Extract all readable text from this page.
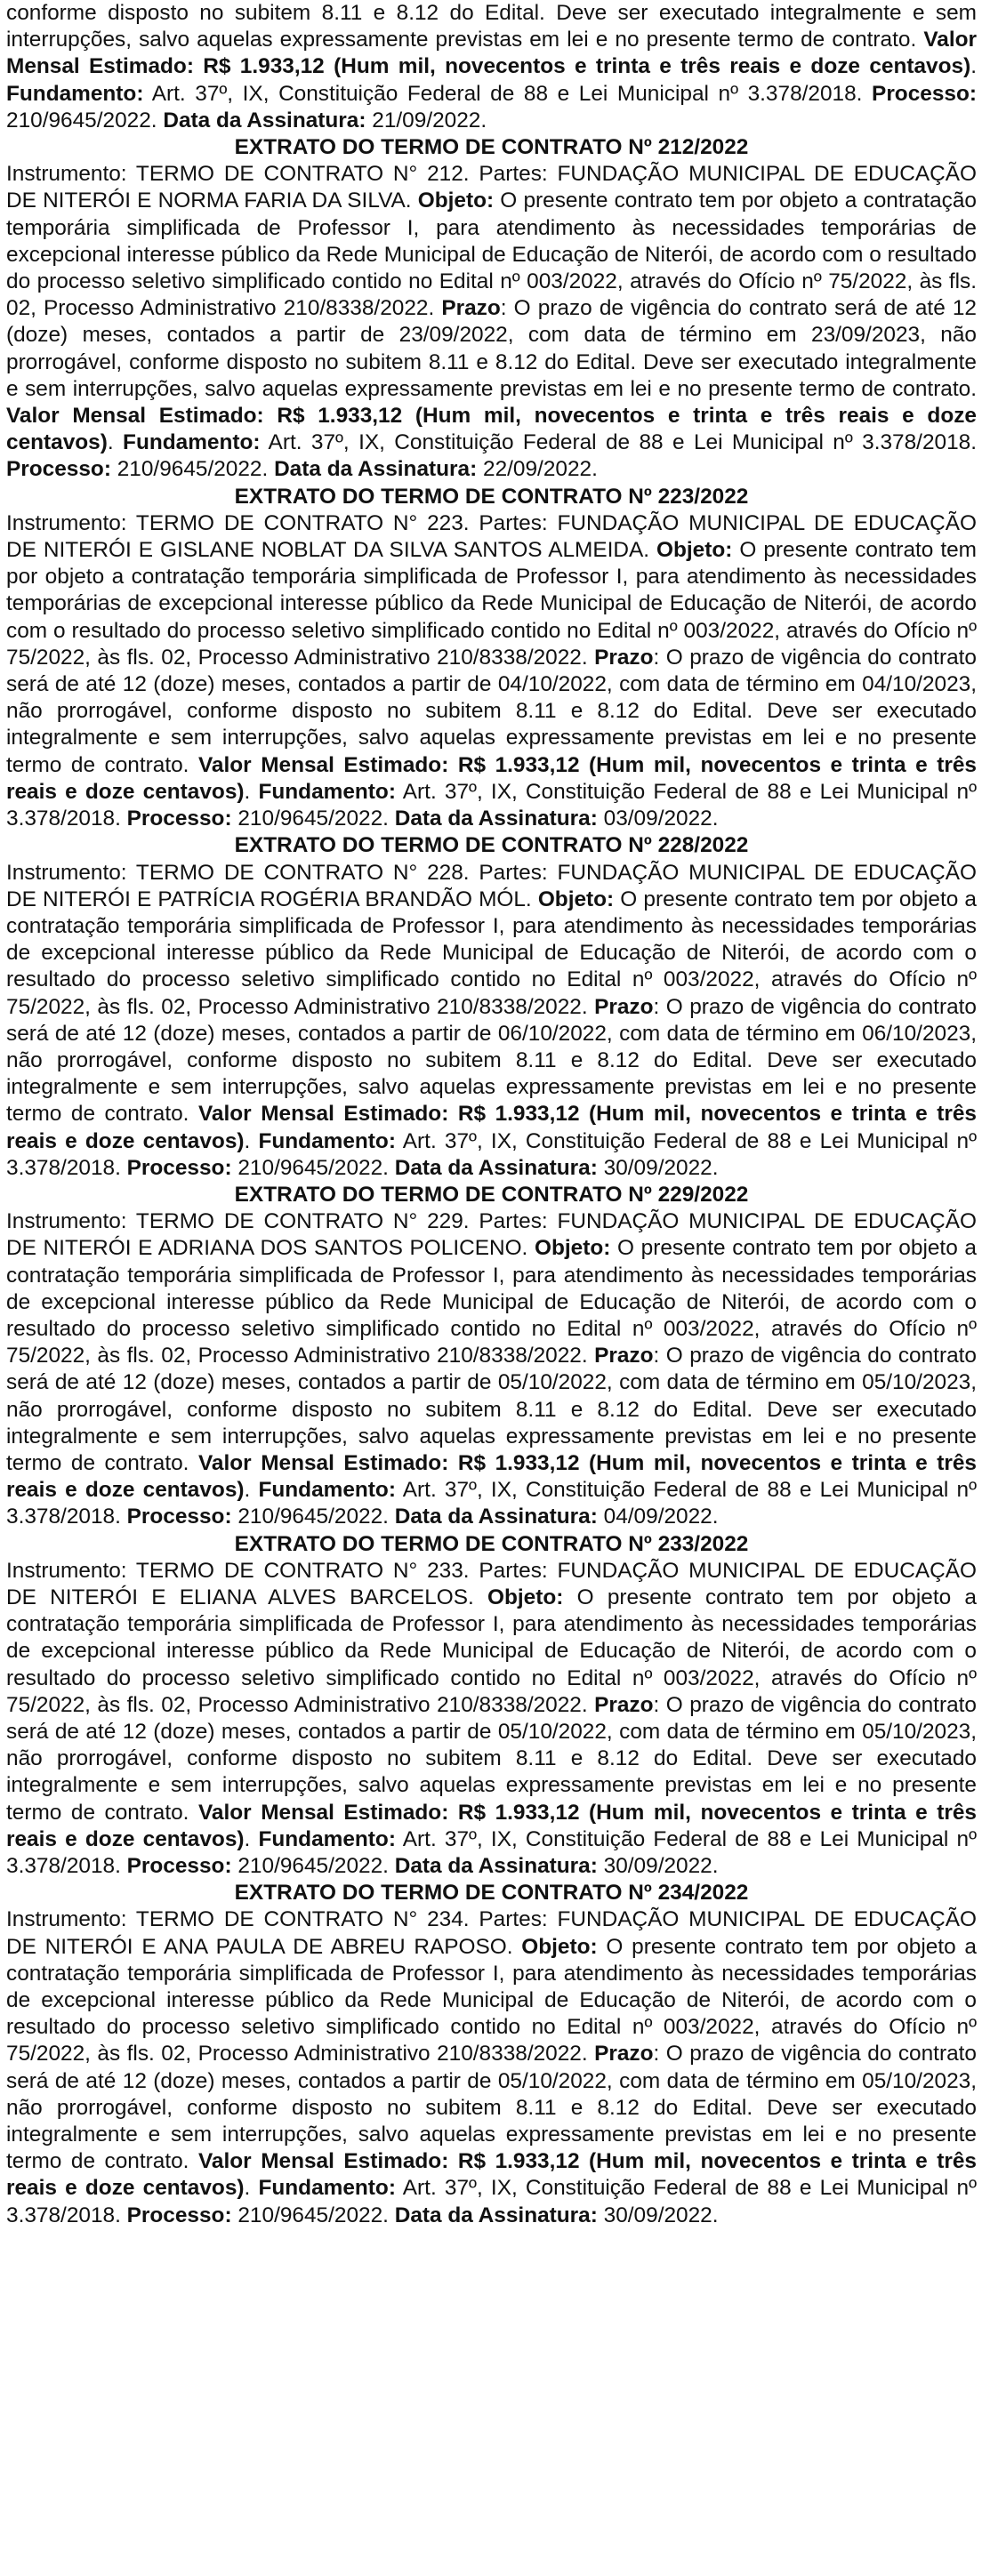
conforme disposto no subitem 8.11 e 8.12 do Edital. Deve ser executado integralmente e sem interrupções, salvo aquelas expressamente previstas em lei e no presente termo de contrato. Valor Mensal Estimado: R$ 1.933,12 (Hum mil, novecentos e trinta e três reais e doze centavos). Fundamento: Art. 37º, IX, Constituição Federal de 88 e Lei Municipal nº 3.378/2018. Processo: 210/9645/2022. Data da Assinatura: 21/09/2022.

EXTRATO DO TERMO DE CONTRATO Nº 212/2022

Instrumento: TERMO DE CONTRATO N° 212. Partes: FUNDAÇÃO MUNICIPAL DE EDUCAÇÃO DE NITERÓI E NORMA FARIA DA SILVA. Objeto: O presente contrato tem por objeto a contratação temporária simplificada de Professor I, para atendimento às necessidades temporárias de excepcional interesse público da Rede Municipal de Educação de Niterói, de acordo com o resultado do processo seletivo simplificado contido no Edital nº 003/2022, através do Ofício nº 75/2022, às fls. 02, Processo Administrativo 210/8338/2022. Prazo: O prazo de vigência do contrato será de até 12 (doze) meses, contados a partir de 23/09/2022, com data de término em 23/09/2023, não prorrogável, conforme disposto no subitem 8.11 e 8.12 do Edital. Deve ser executado integralmente e sem interrupções, salvo aquelas expressamente previstas em lei e no presente termo de contrato. Valor Mensal Estimado: R$ 1.933,12 (Hum mil, novecentos e trinta e três reais e doze centavos). Fundamento: Art. 37º, IX, Constituição Federal de 88 e Lei Municipal nº 3.378/2018. Processo: 210/9645/2022. Data da Assinatura: 22/09/2022.

EXTRATO DO TERMO DE CONTRATO Nº 223/2022

Instrumento: TERMO DE CONTRATO N° 223. Partes: FUNDAÇÃO MUNICIPAL DE EDUCAÇÃO DE NITERÓI E GISLANE NOBLAT DA SILVA SANTOS ALMEIDA. Objeto: O presente contrato tem por objeto a contratação temporária simplificada de Professor I, para atendimento às necessidades temporárias de excepcional interesse público da Rede Municipal de Educação de Niterói, de acordo com o resultado do processo seletivo simplificado contido no Edital nº 003/2022, através do Ofício nº 75/2022, às fls. 02, Processo Administrativo 210/8338/2022. Prazo: O prazo de vigência do contrato será de até 12 (doze) meses, contados a partir de 04/10/2022, com data de término em 04/10/2023, não prorrogável, conforme disposto no subitem 8.11 e 8.12 do Edital. Deve ser executado integralmente e sem interrupções, salvo aquelas expressamente previstas em lei e no presente termo de contrato. Valor Mensal Estimado: R$ 1.933,12 (Hum mil, novecentos e trinta e três reais e doze centavos). Fundamento: Art. 37º, IX, Constituição Federal de 88 e Lei Municipal nº 3.378/2018. Processo: 210/9645/2022. Data da Assinatura: 03/09/2022.

EXTRATO DO TERMO DE CONTRATO Nº 228/2022

Instrumento: TERMO DE CONTRATO N° 228. Partes: FUNDAÇÃO MUNICIPAL DE EDUCAÇÃO DE NITERÓI E PATRÍCIA ROGÉRIA BRANDÃO MÓL. Objeto: O presente contrato tem por objeto a contratação temporária simplificada de Professor I, para atendimento às necessidades temporárias de excepcional interesse público da Rede Municipal de Educação de Niterói, de acordo com o resultado do processo seletivo simplificado contido no Edital nº 003/2022, através do Ofício nº 75/2022, às fls. 02, Processo Administrativo 210/8338/2022. Prazo: O prazo de vigência do contrato será de até 12 (doze) meses, contados a partir de 06/10/2022, com data de término em 06/10/2023, não prorrogável, conforme disposto no subitem 8.11 e 8.12 do Edital. Deve ser executado integralmente e sem interrupções, salvo aquelas expressamente previstas em lei e no presente termo de contrato. Valor Mensal Estimado: R$ 1.933,12 (Hum mil, novecentos e trinta e três reais e doze centavos). Fundamento: Art. 37º, IX, Constituição Federal de 88 e Lei Municipal nº 3.378/2018. Processo: 210/9645/2022. Data da Assinatura: 30/09/2022.

EXTRATO DO TERMO DE CONTRATO Nº 229/2022

Instrumento: TERMO DE CONTRATO N° 229. Partes: FUNDAÇÃO MUNICIPAL DE EDUCAÇÃO DE NITERÓI E ADRIANA DOS SANTOS POLICENO. Objeto: O presente contrato tem por objeto a contratação temporária simplificada de Professor I, para atendimento às necessidades temporárias de excepcional interesse público da Rede Municipal de Educação de Niterói, de acordo com o resultado do processo seletivo simplificado contido no Edital nº 003/2022, através do Ofício nº 75/2022, às fls. 02, Processo Administrativo 210/8338/2022. Prazo: O prazo de vigência do contrato será de até 12 (doze) meses, contados a partir de 05/10/2022, com data de término em 05/10/2023, não prorrogável, conforme disposto no subitem 8.11 e 8.12 do Edital. Deve ser executado integralmente e sem interrupções, salvo aquelas expressamente previstas em lei e no presente termo de contrato. Valor Mensal Estimado: R$ 1.933,12 (Hum mil, novecentos e trinta e três reais e doze centavos). Fundamento: Art. 37º, IX, Constituição Federal de 88 e Lei Municipal nº 3.378/2018. Processo: 210/9645/2022. Data da Assinatura: 04/09/2022.

EXTRATO DO TERMO DE CONTRATO Nº 233/2022

Instrumento: TERMO DE CONTRATO N° 233. Partes: FUNDAÇÃO MUNICIPAL DE EDUCAÇÃO DE NITERÓI E ELIANA ALVES BARCELOS. Objeto: O presente contrato tem por objeto a contratação temporária simplificada de Professor I, para atendimento às necessidades temporárias de excepcional interesse público da Rede Municipal de Educação de Niterói, de acordo com o resultado do processo seletivo simplificado contido no Edital nº 003/2022, através do Ofício nº 75/2022, às fls. 02, Processo Administrativo 210/8338/2022. Prazo: O prazo de vigência do contrato será de até 12 (doze) meses, contados a partir de 05/10/2022, com data de término em 05/10/2023, não prorrogável, conforme disposto no subitem 8.11 e 8.12 do Edital. Deve ser executado integralmente e sem interrupções, salvo aquelas expressamente previstas em lei e no presente termo de contrato. Valor Mensal Estimado: R$ 1.933,12 (Hum mil, novecentos e trinta e três reais e doze centavos). Fundamento: Art. 37º, IX, Constituição Federal de 88 e Lei Municipal nº 3.378/2018. Processo: 210/9645/2022. Data da Assinatura: 30/09/2022.

EXTRATO DO TERMO DE CONTRATO Nº 234/2022

Instrumento: TERMO DE CONTRATO N° 234. Partes: FUNDAÇÃO MUNICIPAL DE EDUCAÇÃO DE NITERÓI E ANA PAULA DE ABREU RAPOSO. Objeto: O presente contrato tem por objeto a contratação temporária simplificada de Professor I, para atendimento às necessidades temporárias de excepcional interesse público da Rede Municipal de Educação de Niterói, de acordo com o resultado do processo seletivo simplificado contido no Edital nº 003/2022, através do Ofício nº 75/2022, às fls. 02, Processo Administrativo 210/8338/2022. Prazo: O prazo de vigência do contrato será de até 12 (doze) meses, contados a partir de 05/10/2022, com data de término em 05/10/2023, não prorrogável, conforme disposto no subitem 8.11 e 8.12 do Edital. Deve ser executado integralmente e sem interrupções, salvo aquelas expressamente previstas em lei e no presente termo de contrato. Valor Mensal Estimado: R$ 1.933,12 (Hum mil, novecentos e trinta e três reais e doze centavos). Fundamento: Art. 37º, IX, Constituição Federal de 88 e Lei Municipal nº 3.378/2018. Processo: 210/9645/2022. Data da Assinatura: 30/09/2022.
